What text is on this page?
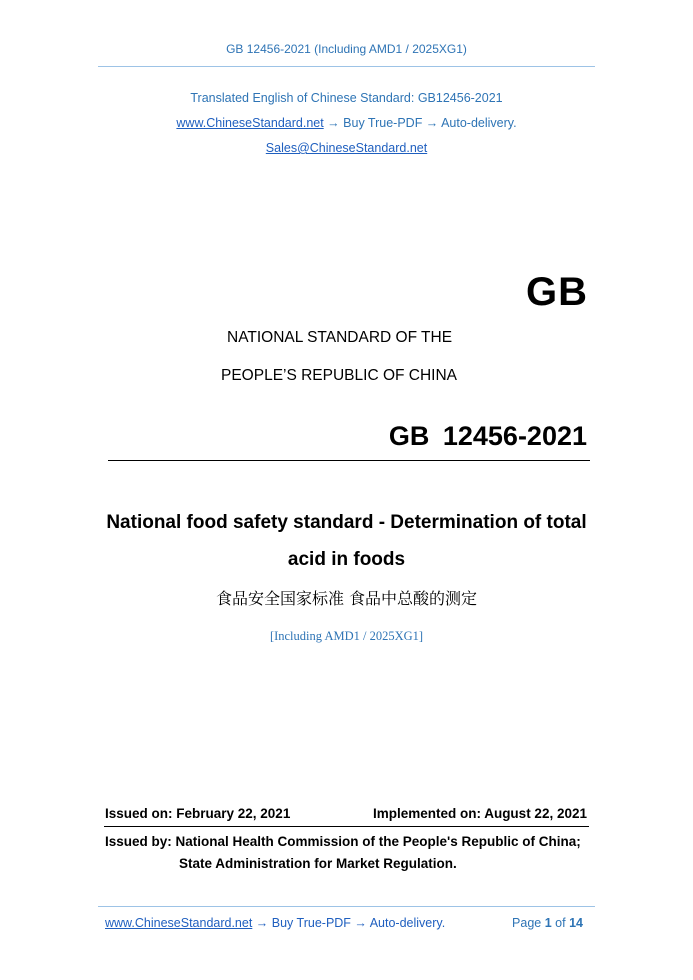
GB 12456-2021 (Including AMD1 / 2025XG1)
Translated English of Chinese Standard: GB12456-2021
www.ChineseStandard.net → Buy True-PDF → Auto-delivery.
Sales@ChineseStandard.net
GB
NATIONAL STANDARD OF THE
PEOPLE’S REPUBLIC OF CHINA
GB 12456-2021
National food safety standard - Determination of total
acid in foods
食品安全国家标准 食品中总酸的测定
[Including AMD1 / 2025XG1]
Issued on: February 22, 2021	Implemented on: August 22, 2021
Issued by: National Health Commission of the People's Republic of China;
State Administration for Market Regulation.
www.ChineseStandard.net → Buy True-PDF → Auto-delivery.	Page 1 of 14
